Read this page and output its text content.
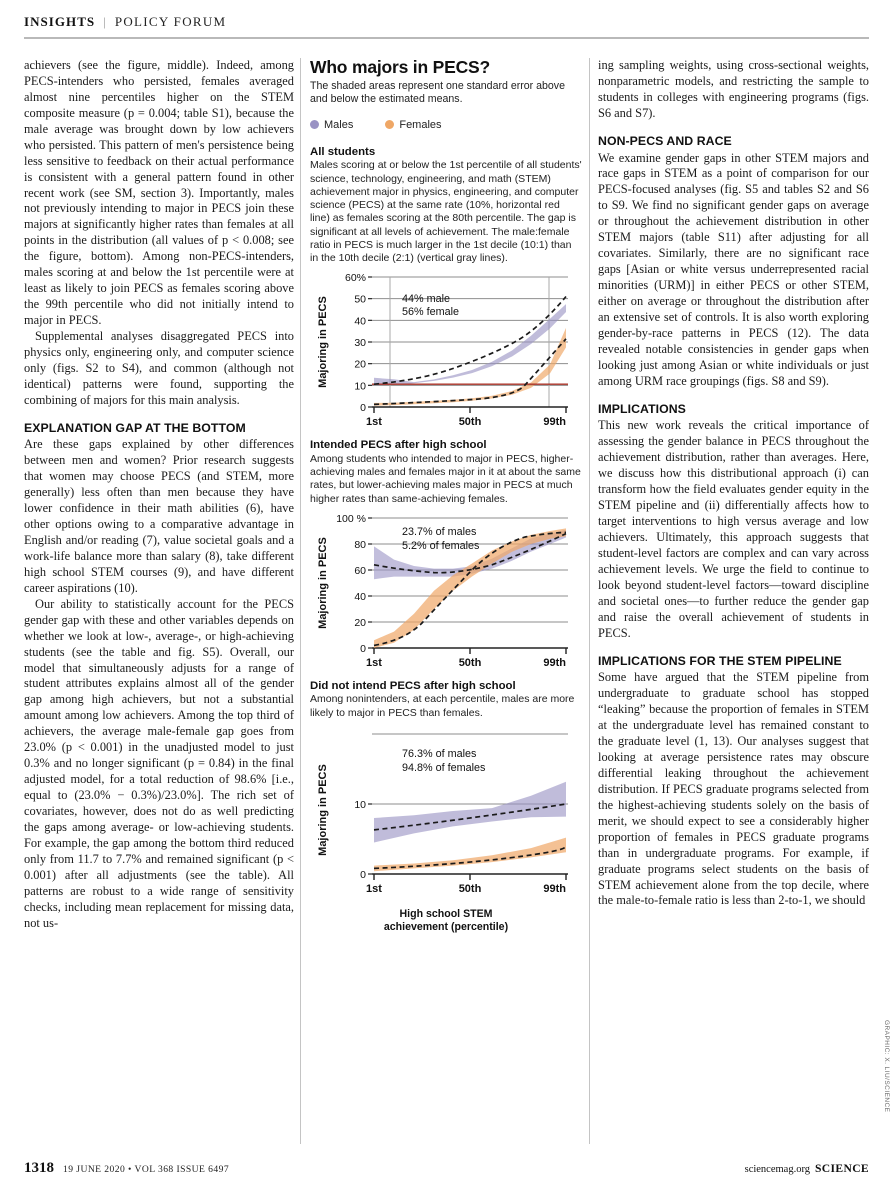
INSIGHTS | POLICY FORUM

achievers (see the figure, middle). Indeed, among PECS-intenders who persisted, females averaged almost nine percentiles higher on the STEM composite measure (p = 0.004; table S1), because the male average was brought down by low achievers who persisted. This pattern of men's persistence being less sensitive to feedback on their actual performance is consistent with a general pattern found in other recent work (see SM, section 3). Importantly, males not previously intending to major in PECS join these majors at significantly higher rates than females at all points in the distribution (all values of p < 0.008; see the figure, bottom). Among non-PECS-intenders, males scoring at and below the 1st percentile were at least as likely to join PECS as females scoring above the 99th percentile who did not initially intend to major in PECS.

Supplemental analyses disaggregated PECS into physics only, engineering only, and computer science only (figs. S2 to S4), and common (although not identical) patterns were found, supporting the combining of majors for this main analysis.

EXPLANATION GAP AT THE BOTTOM

Are these gaps explained by other differences between men and women? Prior research suggests that women may choose PECS (and STEM, more generally) less often than men because they have lower confidence in their math abilities (6), have other options owing to a comparative advantage in English and/or reading (7), value societal goals and a work-life balance more than salary (8), take different high school STEM courses (9), and have different career aspirations (10).

Our ability to statistically account for the PECS gender gap with these and other variables depends on whether we look at low-, average-, or high-achieving students (see the table and fig. S5). Overall, our model that simultaneously adjusts for a range of student attributes explains almost all of the gender gap among high achievers, but not a substantial amount among low achievers. Among the top third of achievers, the average male-female gap goes from 23.0% (p < 0.001) in the unadjusted model to just 0.3% and no longer significant (p = 0.84) in the final adjusted model, for a total reduction of 98.6% [i.e., equal to (23.0% − 0.3%)/23.0%]. The rich set of covariates, however, does not do as well predicting the gaps among average- or low-achieving students. For example, the gap among the bottom third reduced only from 11.7 to 7.7% and remained significant (p < 0.001) after all adjustments (see the table). All patterns are robust to a wide range of sensitivity checks, including mean replacement for missing data, not us-

Who majors in PECS?

The shaded areas represent one standard error above and below the estimated means.

Males	Females
All students

Males scoring at or below the 1st percentile of all students' science, technology, engineering, and math (STEM) achievement major in physics, engineering, and computer science (PECS) at the same rate (10%, horizontal red line) as females scoring at the 80th percentile. The gap is significant at all levels of achievement. The male:female ratio in PECS is much larger in the 1st decile (10:1) than in the 10th decile (2:1) (vertical gray lines).

60%
50
40
30
20
10
0
1st	50th	99th
Majoring in PECS	44% male
56% female
Intended PECS after high school

Among students who intended to major in PECS, higher-achieving males and females major in it at about the same rates, but lower-achieving males major in PECS at much higher rates than same-achieving females.

100 %
80
60
40
20
0
1st	50th	99th
Majoring in PECS
23.7% of males
5.2% of females
Did not intend PECS after high school

Among nonintenders, at each percentile, males are more likely to major in PECS than females.

10
0
1st	50th	99th
Majoring in PECS
76.3% of males
94.8% of females
High school STEM
achievement (percentile)

ing sampling weights, using cross-sectional weights, nonparametric models, and restricting the sample to students in colleges with engineering programs (figs. S6 and S7).

NON-PECS AND RACE

We examine gender gaps in other STEM majors and race gaps in STEM as a point of comparison for our PECS-focused analyses (fig. S5 and tables S2 and S6 to S9. We find no significant gender gaps on average or throughout the achievement distribution in other STEM majors (table S11) after adjusting for all covariates. Similarly, there are no significant race gaps [Asian or white versus underrepresented racial minorities (URM)] in either PECS or other STEM, either on average or throughout the distribution after an extensive set of controls. It is also worth exploring gender-by-race patterns in PECS (12). The data revealed notable consistencies in gender gaps when looking just among Asian or white individuals or just among URM race groupings (figs. S8 and S9).

IMPLICATIONS

This new work reveals the critical importance of assessing the gender balance in PECS throughout the achievement distribution, rather than averages. Here, we discuss how this distributional approach (i) can transform how the field evaluates gender equity in the STEM pipeline and (ii) differentially affects how to target interventions to high versus average and low achievers. Ultimately, this approach suggests that student-level factors are complex and can vary across achievement levels. We urge the field to continue to look beyond student-level factors—toward discipline and societal ones—to further reduce the gender gap and raise the overall achievement of students in PECS.

IMPLICATIONS FOR THE STEM PIPELINE

Some have argued that the STEM pipeline from undergraduate to graduate school has stopped “leaking” because the proportion of females in STEM at the undergraduate level has remained constant to the graduate level (1, 13). Our analyses suggest that looking at average persistence rates may obscure differential leaking throughout the achievement distribution. If PECS graduate programs selected from the highest-achieving students solely on the basis of merit, we should expect to see a considerably higher proportion of females in PECS graduate programs than in undergraduate programs. For example, if graduate programs select students on the basis of STEM achievement alone from the top decile, where the male-to-female ratio is less than 2-to-1, we should

GRAPHIC: X. LIU/SCIENCE
1318 19 JUNE 2020 • VOL 368 ISSUE 6497	sciencemag.org SCIENCE
